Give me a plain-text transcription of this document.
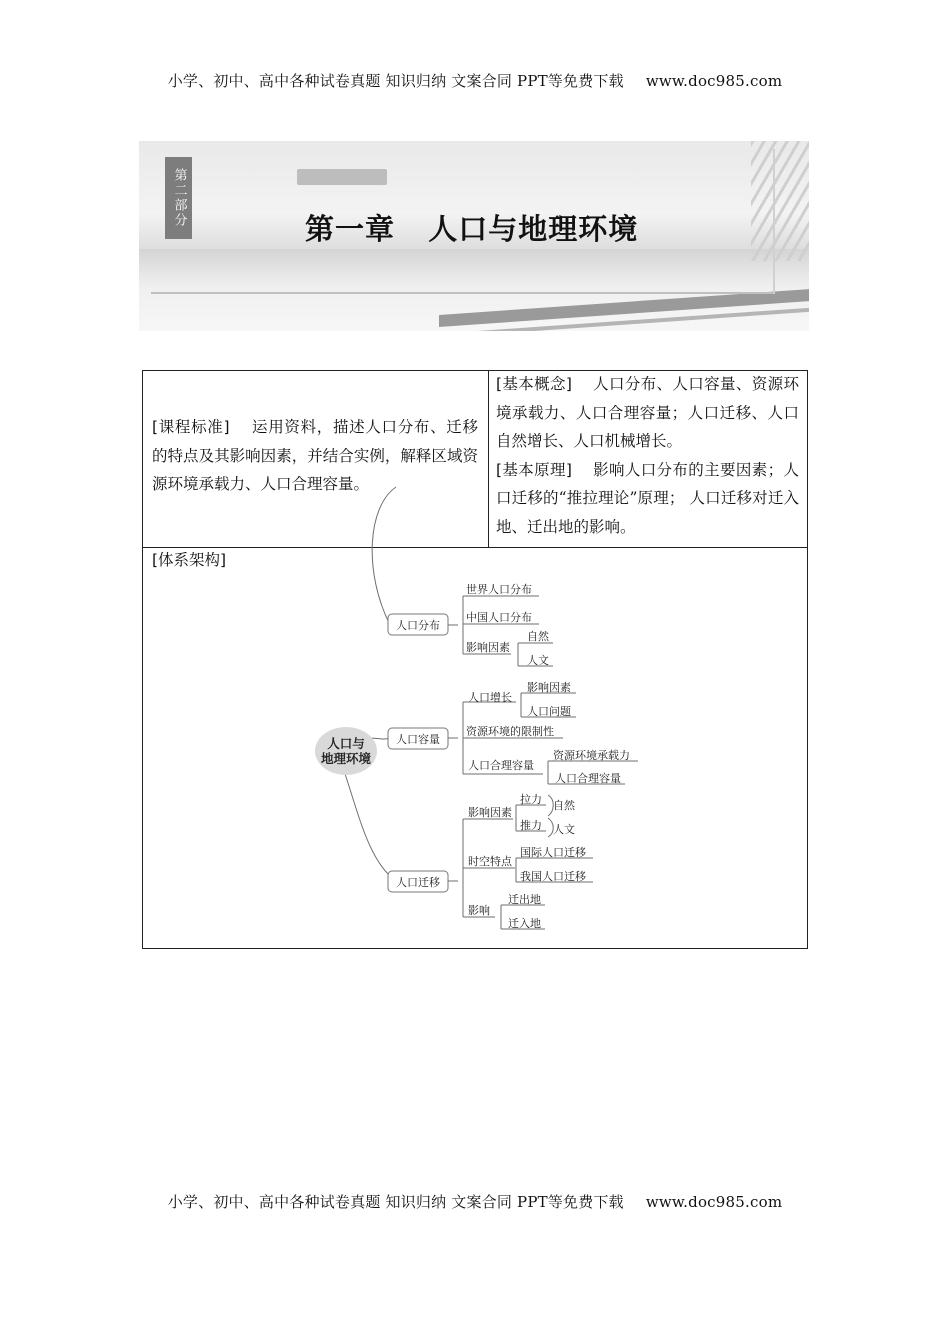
小学、初中、高中各种试卷真题 知识归纳 文案合同 PPT等免费下载 www.doc985.com
第二部分
第一章   人口与地理环境
[课程标准] 运用资料，描述人口分布、迁移的特点及其影响因素，并结合实例，解释区域资源环境承载力、人口合理容量。
[基本概念] 人口分布、人口容量、资源环境承载力、人口合理容量；人口迁移、人口自然增长、人口机械增长。
[基本原理] 影响人口分布的主要因素；人口迁移的“推拉理论”原理； 人口迁移对迁入地、迁出地的影响。
[体系架构]
人口与
地理环境
人口分布
世界人口分布
中国人口分布
影响因素
自然
人文
人口容量
人口增长
影响因素
人口问题
资源环境的限制性
人口合理容量
资源环境承载力
人口合理容量
人口迁移
影响因素
拉力
推力
自然
人文
时空特点
国际人口迁移
我国人口迁移
影响
迁出地
迁入地
小学、初中、高中各种试卷真题 知识归纳 文案合同 PPT等免费下载 www.doc985.com
